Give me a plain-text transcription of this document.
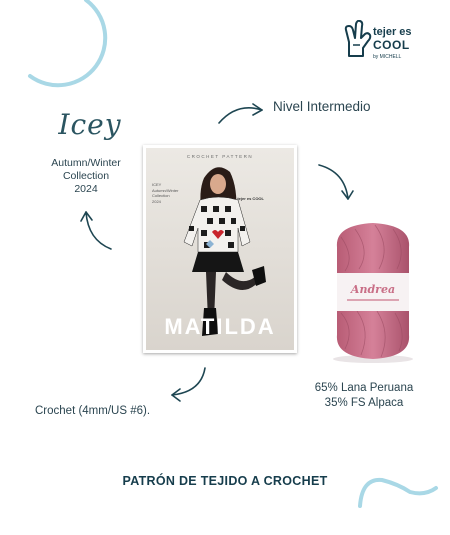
tejer es
COOL
by MICHELL
Icey
Autumn/Winter
Collection
2024
Nivel Intermedio
CROCHET PATTERN
ICEY
Autumn/Winter
Collection
2024	tejer es COOL
MATILDA
Andrea
65% Lana Peruana
35% FS Alpaca
Crochet (4mm/US #6).
PATRÓN DE TEJIDO A CROCHET
